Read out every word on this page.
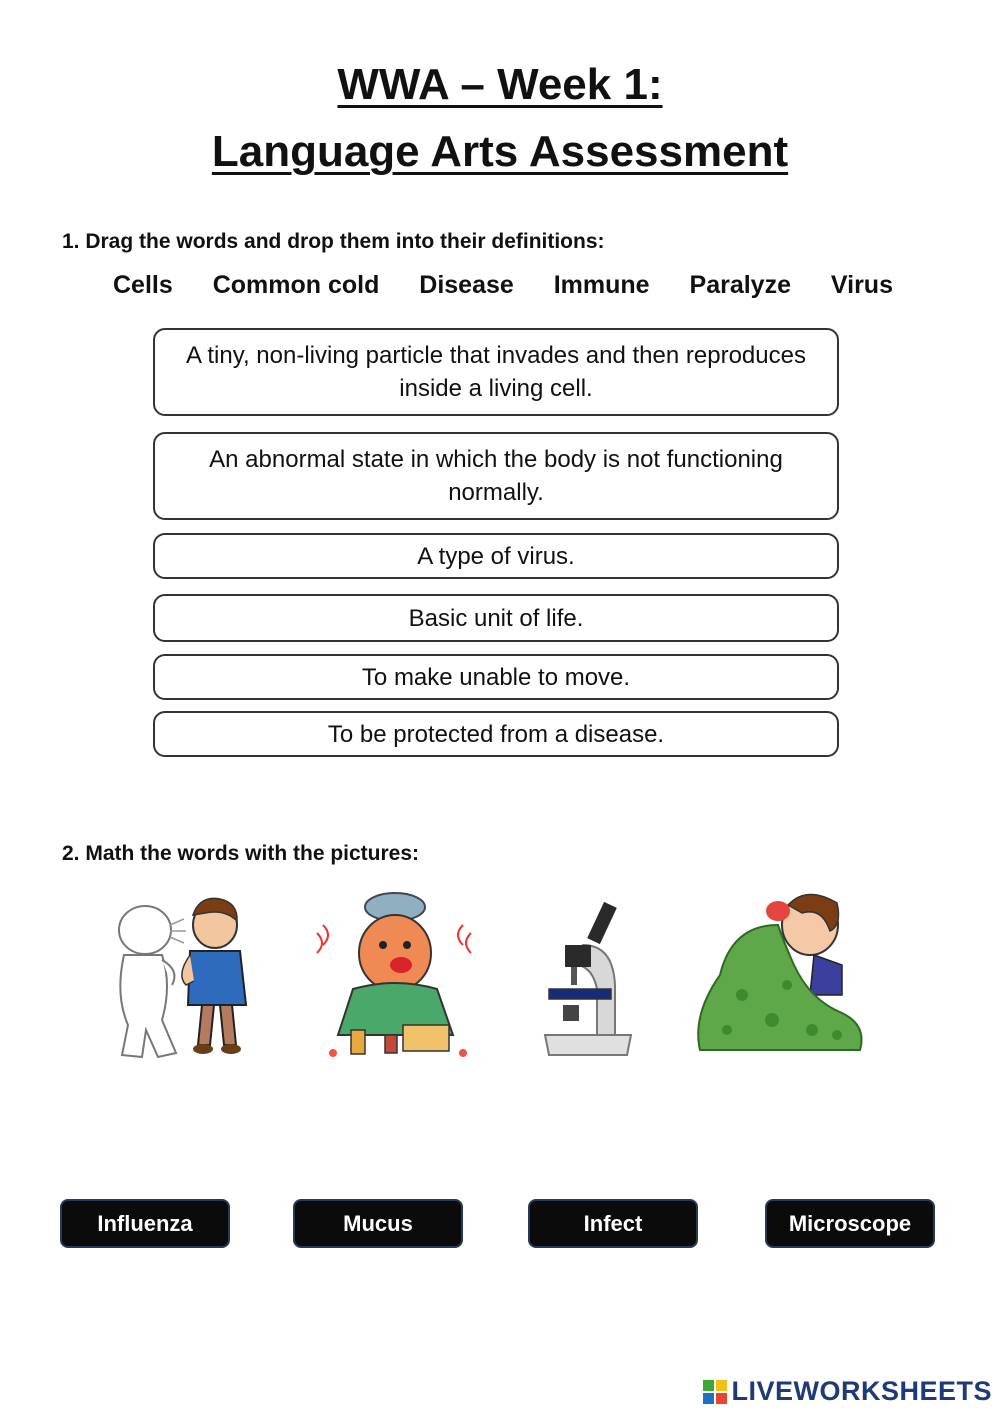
WWA – Week 1:
Language Arts Assessment

1. Drag the words and drop them into their definitions:

Cells Common cold Disease Immune Paralyze Virus
A tiny, non-living particle that invades and then reproduces inside a living cell.
An abnormal state in which the body is not functioning normally.
A type of virus.
Basic unit of life.
To make unable to move.
To be protected from a disease.

2. Math the words with the pictures:

Influenza	Mucus	Infect	Microscope
LIVEWORKSHEETS
